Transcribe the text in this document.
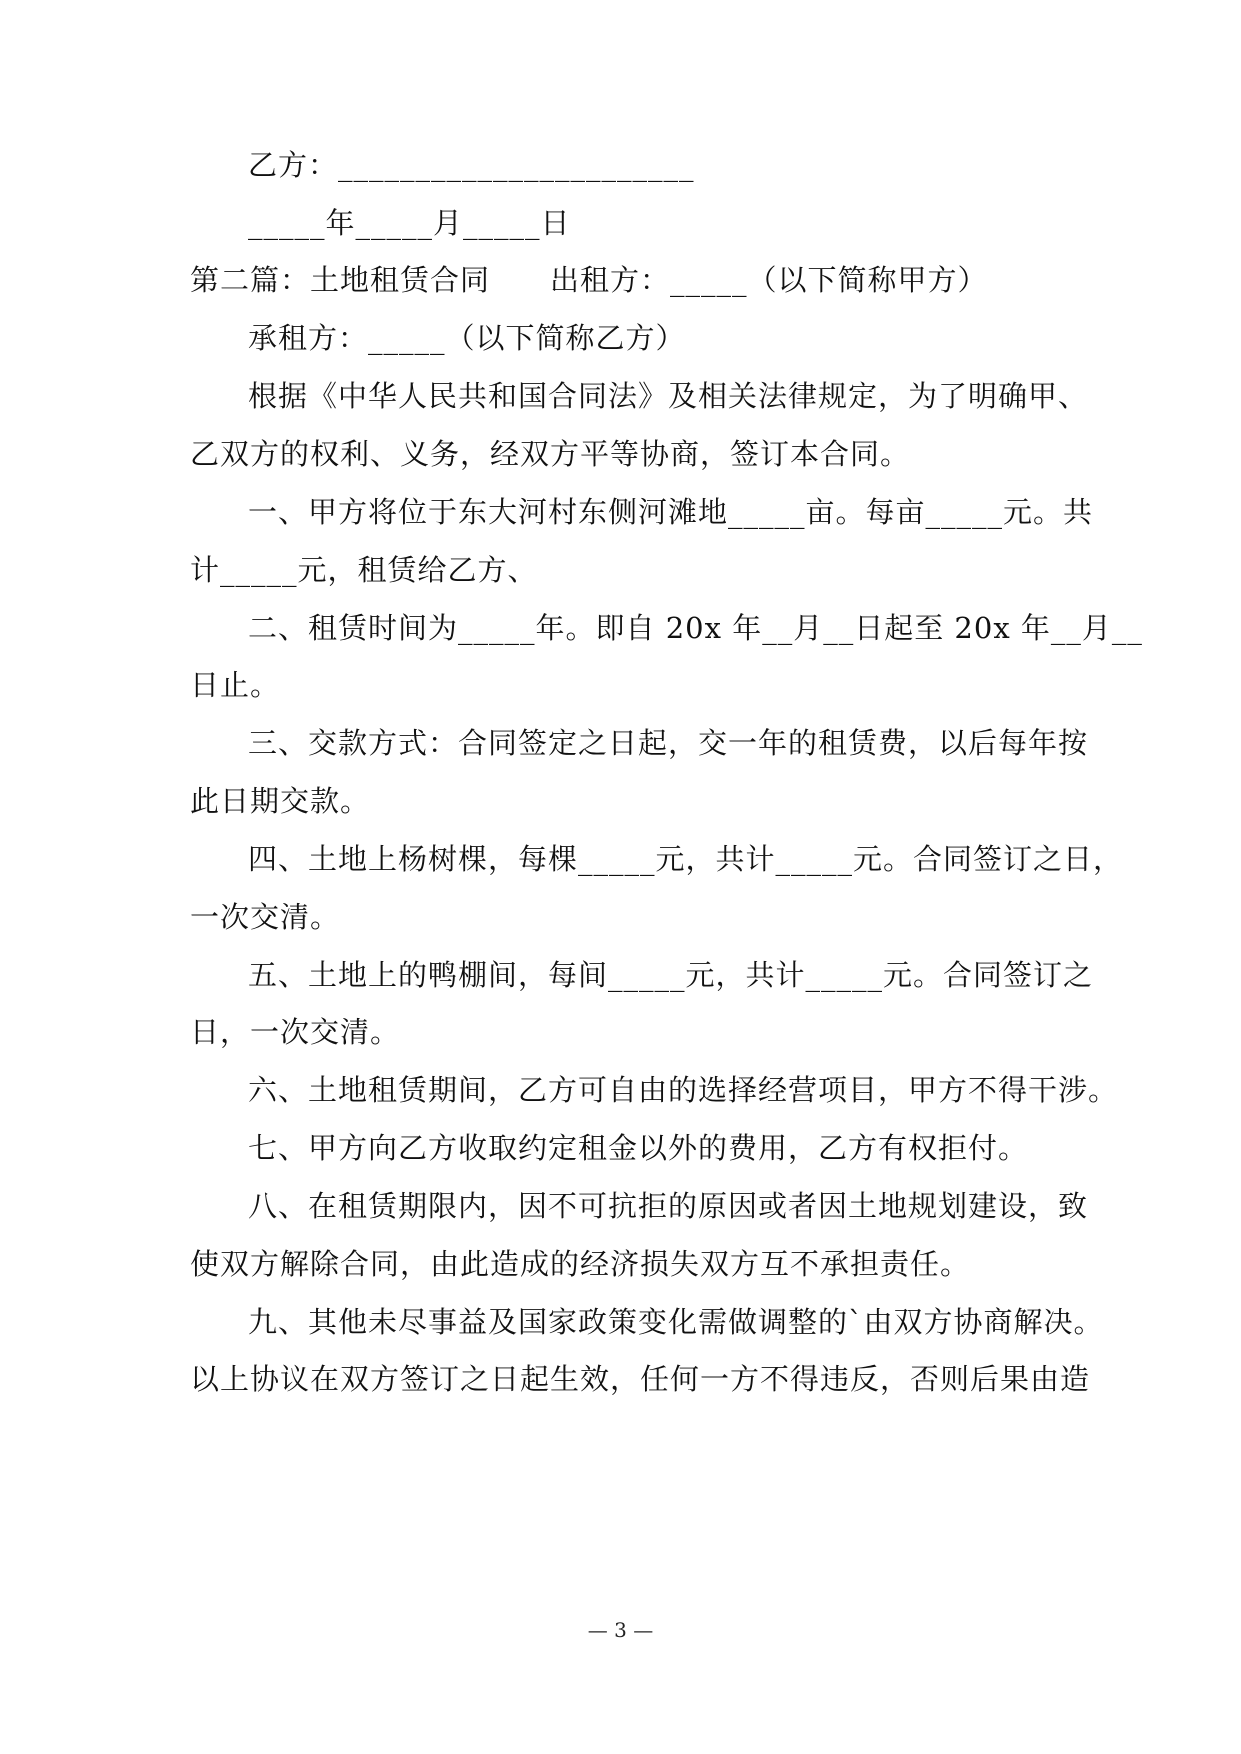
乙方：_______________________
_____年_____月_____日
第二篇：土地租赁合同　　出租方：_____（以下简称甲方）
承租方：_____（以下简称乙方）
根据《中华人民共和国合同法》及相关法律规定，为了明确甲、
乙双方的权利、义务，经双方平等协商，签订本合同。
一、甲方将位于东大河村东侧河滩地_____亩。每亩_____元。共
计_____元，租赁给乙方、
二、租赁时间为_____年。即自 20x 年__月__日起至 20x 年__月__
日止。
三、交款方式：合同签定之日起，交一年的租赁费，以后每年按
此日期交款。
四、土地上杨树棵，每棵_____元，共计_____元。合同签订之日，
一次交清。
五、土地上的鸭棚间，每间_____元，共计_____元。合同签订之
日，一次交清。
六、土地租赁期间，乙方可自由的选择经营项目，甲方不得干涉。
七、甲方向乙方收取约定租金以外的费用，乙方有权拒付。
八、在租赁期限内，因不可抗拒的原因或者因土地规划建设，致
使双方解除合同，由此造成的经济损失双方互不承担责任。
九、其他未尽事益及国家政策变化需做调整的`由双方协商解决。
以上协议在双方签订之日起生效，任何一方不得违反，否则后果由造
— 3 —
